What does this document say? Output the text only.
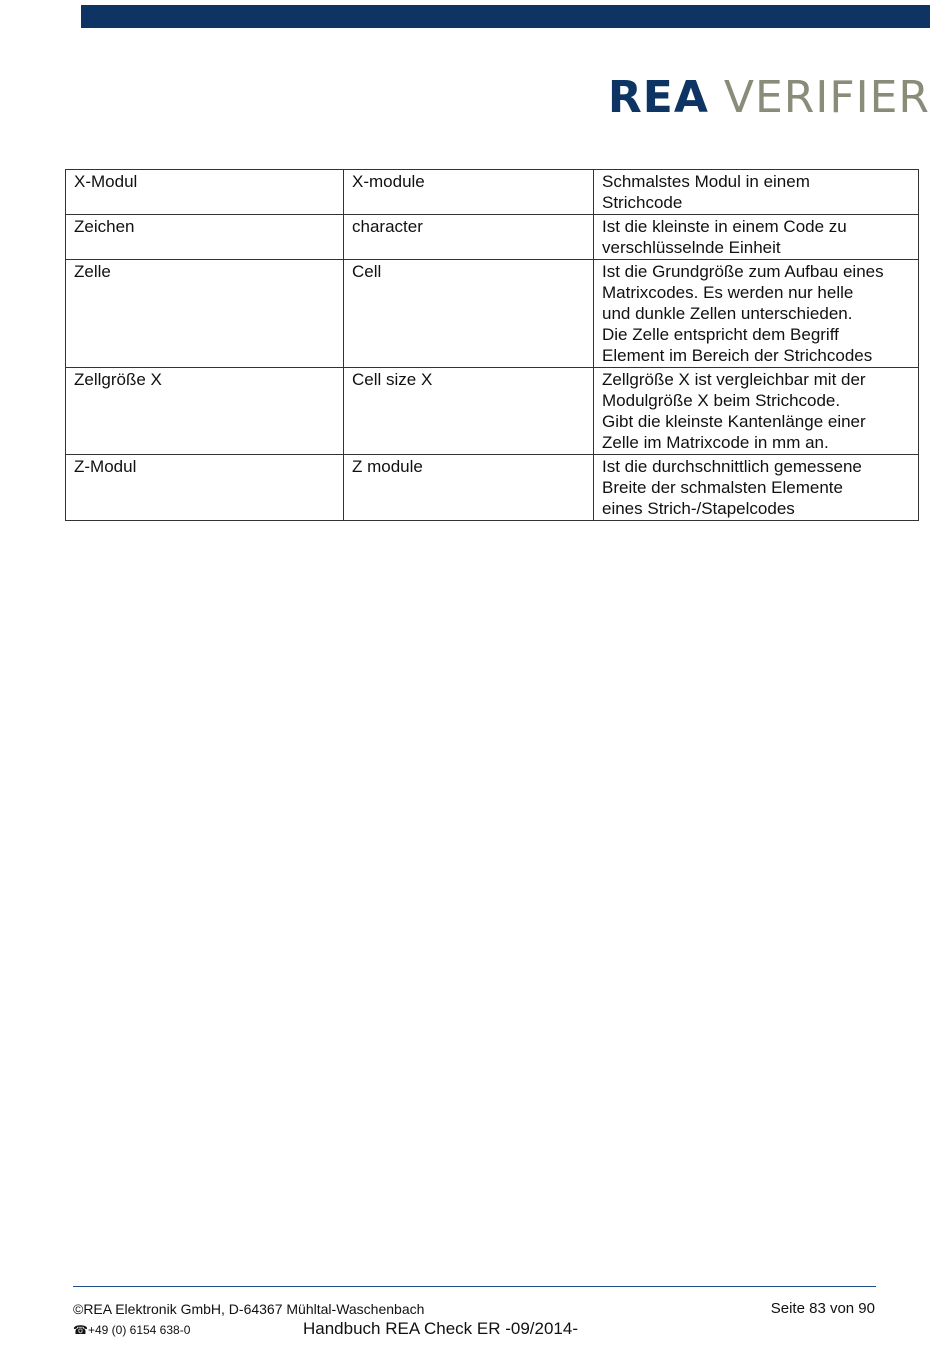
REA VERIFIER
X-Modul	X-module	Schmalstes Modul in einem
Strichcode

Zeichen	character	Ist die kleinste in einem Code zu
verschlüsselnde Einheit

Zelle	Cell	Ist die Grundgröße zum Aufbau eines
Matrixcodes. Es werden nur helle
und dunkle Zellen unterschieden.
Die Zelle entspricht dem Begriff
Element im Bereich der Strichcodes

Zellgröße X	Cell size X	Zellgröße X ist vergleichbar mit der
Modulgröße X beim Strichcode.
Gibt die kleinste Kantenlänge einer
Zelle im Matrixcode in mm an.

Z-Modul	Z module	Ist die durchschnittlich gemessene
Breite der schmalsten Elemente
eines Strich-/Stapelcodes
©REA Elektronik GmbH, D-64367 Mühltal-Waschenbach	Seite 83 von 90
☎+49 (0) 6154 638-0	Handbuch REA Check ER -09/2014-
